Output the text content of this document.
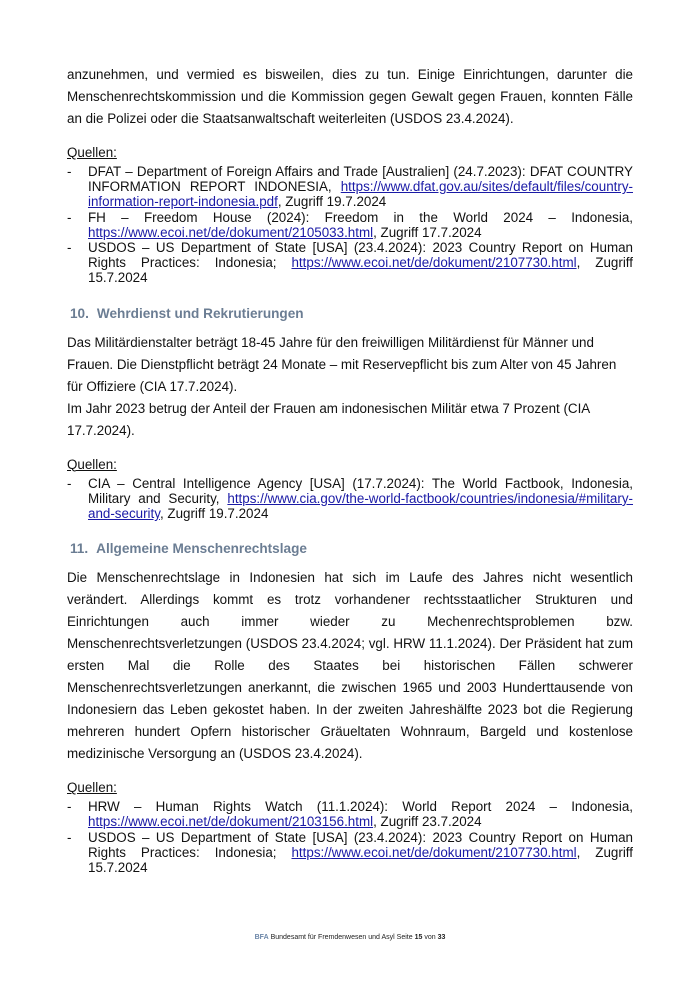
anzunehmen, und vermied es bisweilen, dies zu tun. Einige Einrichtungen, darunter die Menschenrechtskommission und die Kommission gegen Gewalt gegen Frauen, konnten Fälle an die Polizei oder die Staatsanwaltschaft weiterleiten (USDOS 23.4.2024).

Quellen:
-	DFAT – Department of Foreign Affairs and Trade [Australien] (24.7.2023): DFAT COUNTRY INFORMATION REPORT INDONESIA, https://www.dfat.gov.au/sites/default/files/country-information-report-indonesia.pdf, Zugriff 19.7.2024
-	FH – Freedom House (2024): Freedom in the World 2024 – Indonesia, https://www.ecoi.net/de/dokument/2105033.html, Zugriff 17.7.2024
-	USDOS – US Department of State [USA] (23.4.2024): 2023 Country Report on Human Rights Practices: Indonesia; https://www.ecoi.net/de/dokument/2107730.html, Zugriff 15.7.2024
10. Wehrdienst und Rekrutierungen

Das Militärdienstalter beträgt 18-45 Jahre für den freiwilligen Militärdienst für Männer und Frauen. Die Dienstpflicht beträgt 24 Monate – mit Reservepflicht bis zum Alter von 45 Jahren für Offiziere (CIA 17.7.2024).

Im Jahr 2023 betrug der Anteil der Frauen am indonesischen Militär etwa 7 Prozent (CIA 17.7.2024).

Quellen:
-	CIA – Central Intelligence Agency [USA] (17.7.2024): The World Factbook, Indonesia, Military and Security, https://www.cia.gov/the-world-factbook/countries/indonesia/#military-and-security, Zugriff 19.7.2024
11. Allgemeine Menschenrechtslage

Die Menschenrechtslage in Indonesien hat sich im Laufe des Jahres nicht wesentlich verändert. Allerdings kommt es trotz vorhandener rechtsstaatlicher Strukturen und Einrichtungen auch immer wieder zu Mechenrechtsproblemen bzw. Menschenrechtsverletzungen (USDOS 23.4.2024; vgl. HRW 11.1.2024). Der Präsident hat zum ersten Mal die Rolle des Staates bei historischen Fällen schwerer Menschenrechtsverletzungen anerkannt, die zwischen 1965 und 2003 Hunderttausende von Indonesiern das Leben gekostet haben. In der zweiten Jahreshälfte 2023 bot die Regierung mehreren hundert Opfern historischer Gräueltaten Wohnraum, Bargeld und kostenlose medizinische Versorgung an (USDOS 23.4.2024).

Quellen:
-	HRW – Human Rights Watch (11.1.2024): World Report 2024 – Indonesia, https://www.ecoi.net/de/dokument/2103156.html, Zugriff 23.7.2024
-	USDOS – US Department of State [USA] (23.4.2024): 2023 Country Report on Human Rights Practices: Indonesia; https://www.ecoi.net/de/dokument/2107730.html, Zugriff 15.7.2024
BFA Bundesamt für Fremdenwesen und Asyl Seite 15 von 33
